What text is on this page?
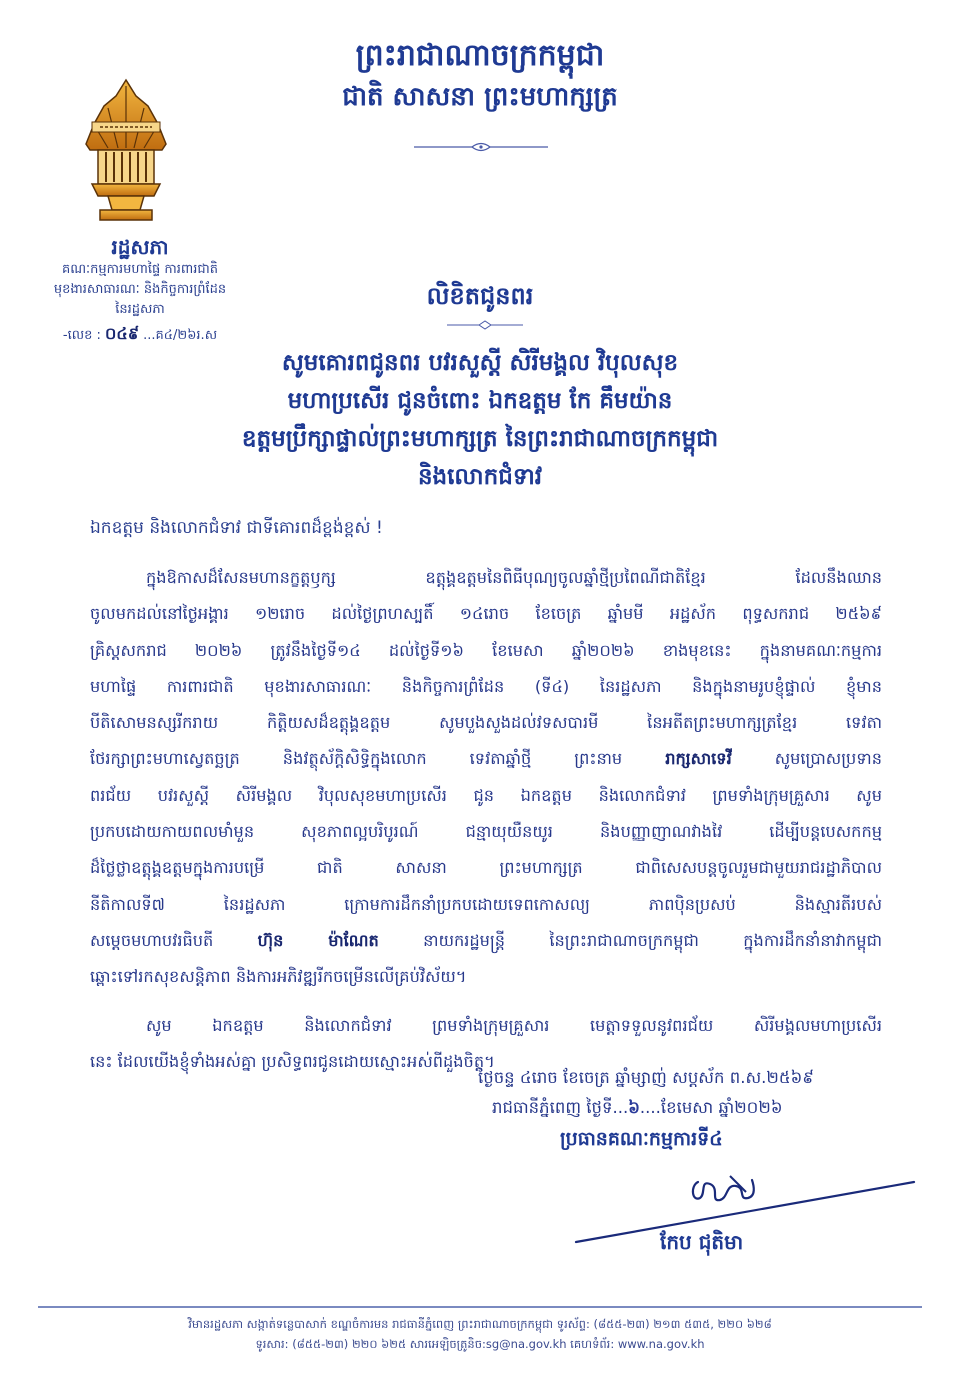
ព្រះរាជាណាចក្រកម្ពុជា
ជាតិ សាសនា ព្រះមហាក្សត្រ
រដ្ឋសភា
គណៈកម្មការមហាផ្ទៃ ការពារជាតិ
មុខងារសាធារណៈ និងកិច្ចការព្រំដែន
នៃរដ្ឋសភា
-លេខ : ០៤៩ ...គ៤/២៦រ.ស
លិខិតជូនពរ
សូមគោរពជូនពរ បវរសួស្តី សិរីមង្គល វិបុលសុខ
មហាប្រសើរ ជូនចំពោះ ឯកឧត្តម កែ គឹមយ៉ាន
ឧត្តមប្រឹក្សាផ្ទាល់ព្រះមហាក្សត្រ នៃព្រះរាជាណាចក្រកម្ពុជា
និងលោកជំទាវ
ឯកឧត្តម និងលោកជំទាវ ជាទីគោរពដ៏ខ្ពង់ខ្ពស់ !
ក្នុងឱកាសដ៏សែនមហានក្ខត្តឫក្ស ឧត្តុង្គឧត្តមនៃពិធីបុណ្យចូលឆ្នាំថ្មីប្រពៃណីជាតិខ្មែរ ដែលនឹងឈាន
ចូលមកដល់នៅថ្ងៃអង្គារ ១២រោច ដល់ថ្ងៃព្រហស្បតិ៍ ១៤រោច ខែចេត្រ ឆ្នាំមមី អដ្ឋស័ក ពុទ្ធសករាជ ២៥៦៩
គ្រិស្តសករាជ ២០២៦ ត្រូវនឹងថ្ងៃទី១៤ ដល់ថ្ងៃទី១៦ ខែមេសា ឆ្នាំ២០២៦ ខាងមុខនេះ ក្នុងនាមគណៈកម្មការ
មហាផ្ទៃ ការពារជាតិ មុខងារសាធារណៈ និងកិច្ចការព្រំដែន (ទី៤) នៃរដ្ឋសភា និងក្នុងនាមរូបខ្ញុំផ្ទាល់ ខ្ញុំមាន
បីតិសោមនស្សរីករាយ កិត្តិយសដ៏ឧត្តុង្គឧត្តម សូមបួងសួងដល់វទសបារមី នៃអតីតព្រះមហាក្សត្រខ្មែរ ទេវតា
ថែរក្សាព្រះមហាស្វេតច្ឆត្រ និងវត្ថុស័ក្តិសិទ្ធិក្នុងលោក ទេវតាឆ្នាំថ្មី ព្រះនាម	រាក្សសាទេវី	សូមប្រោសប្រទាន
ពរជ័យ បវរសួស្តី សិរីមង្គល វិបុលសុខមហាប្រសើរ ជូន ឯកឧត្តម និងលោកជំទាវ ព្រមទាំងក្រុមគ្រួសារ សូម
ប្រកបដោយកាយពលមាំមួន សុខភាពល្អបរិបូរណ៍ ជន្មាយុយឺនយូរ និងបញ្ញាញាណវាងវៃ ដើម្បីបន្តបេសកកម្ម
ដ៏ថ្លៃថ្លាឧត្តុង្គឧត្តមក្នុងការបម្រើ ជាតិ សាសនា ព្រះមហាក្សត្រ ជាពិសេសបន្តចូលរួមជាមួយរាជរដ្ឋាភិបាល
នីតិកាលទី៧ នៃរដ្ឋសភា ក្រោមការដឹកនាំប្រកបដោយទេពកោសល្យ ភាពប៉ិនប្រសប់ និងស្មារតីរបស់
សម្តេចមហាបវរធិបតី	ហ៊ុន ម៉ាណែត	នាយករដ្ឋមន្ត្រី នៃព្រះរាជាណាចក្រកម្ពុជា ក្នុងការដឹកនាំនាវាកម្ពុជា
ឆ្ពោះទៅរកសុខសន្តិភាព និងការអភិវឌ្ឍរីកចម្រើនលើគ្រប់វិស័យ។
សូម ឯកឧត្តម និងលោកជំទាវ ព្រមទាំងក្រុមគ្រួសារ មេត្តាទទួលនូវពរជ័យ សិរីមង្គលមហាប្រសើរ
នេះ ដែលយើងខ្ញុំទាំងអស់គ្នា ប្រសិទ្ធពរជូនដោយស្មោះអស់ពីដួងចិត្ត។
ថ្ងៃចន្ទ ៤រោច ខែចេត្រ ឆ្នាំម្សាញ់ សប្តស័ក ព.ស.២៥៦៩
រាជធានីភ្នំពេញ ថ្ងៃទី...៦....ខែមេសា ឆ្នាំ២០២៦
ប្រធានគណៈកម្មការទី៤
កែប ជុតិមា
វិមានរដ្ឋសភា សង្កាត់ទន្លេបាសាក់ ខណ្ឌចំការមន រាជធានីភ្នំពេញ ព្រះរាជាណាចក្រកម្ពុជា ទូរស័ព្ទ: (៨៥៥-២៣) ២១៣ ៥៣៥, ២២០ ៦២៨
ទូរសារ: (៨៥៥-២៣) ២២០ ៦២៥ សារអេឡិចត្រូនិច:sg@na.gov.kh គេហទំព័រ: www.na.gov.kh
